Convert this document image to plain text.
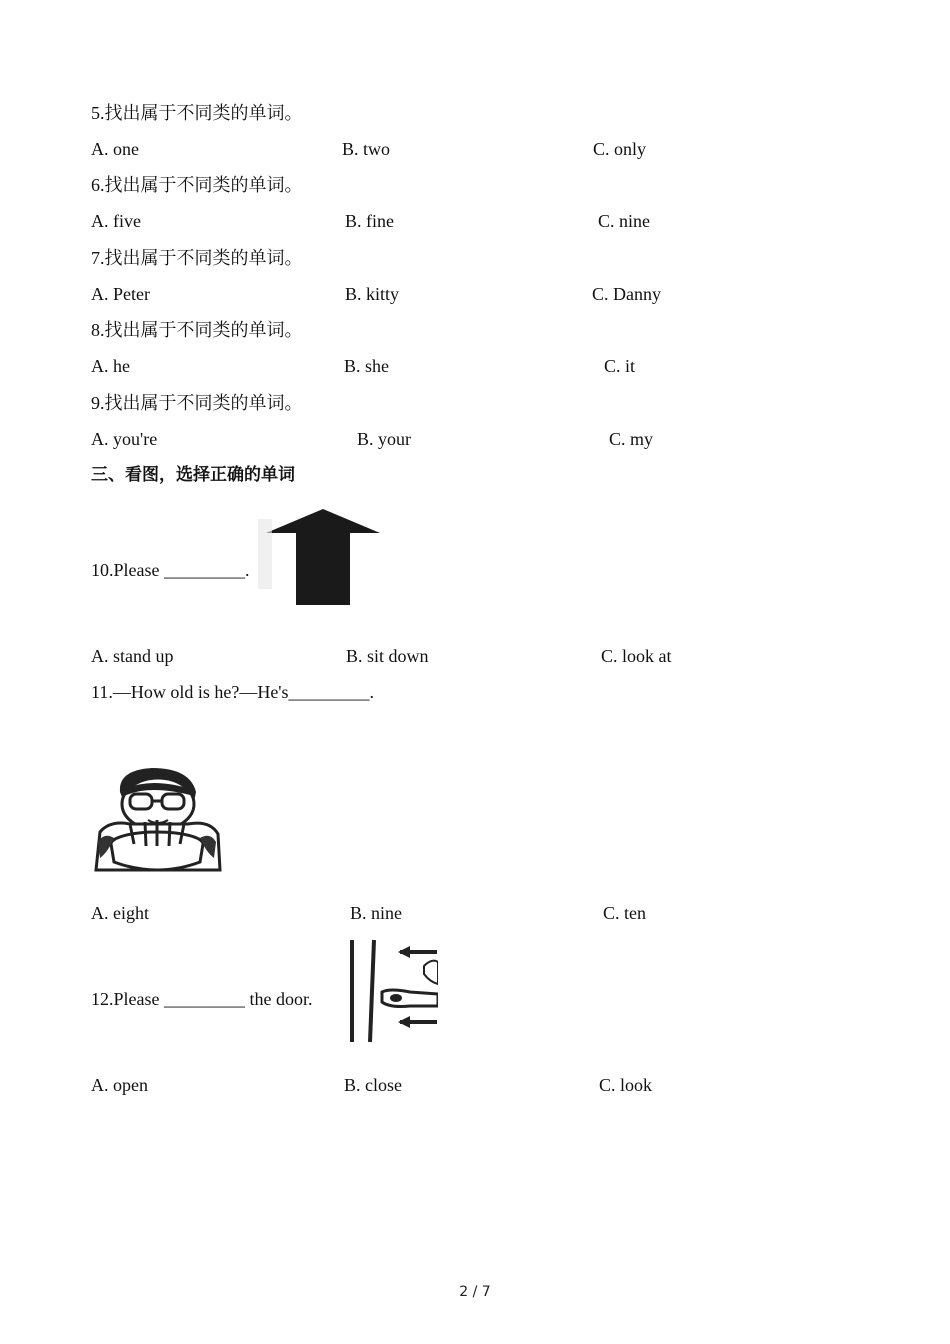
5.找出属于不同类的单词。
A. one	B. two	C. only
6.找出属于不同类的单词。
A. five	B. fine	C. nine
7.找出属于不同类的单词。
A. Peter	B. kitty	C. Danny
8.找出属于不同类的单词。
A. he	B. she	C. it
9.找出属于不同类的单词。
A. you're	B. your	C. my
三、看图，选择正确的单词
10.Please _________.
A. stand up	B. sit down	C. look at
11.—How old is he?—He's_________.
A. eight	B. nine	C. ten
12.Please _________ the door.
A. open	B. close	C. look
2 / 7
